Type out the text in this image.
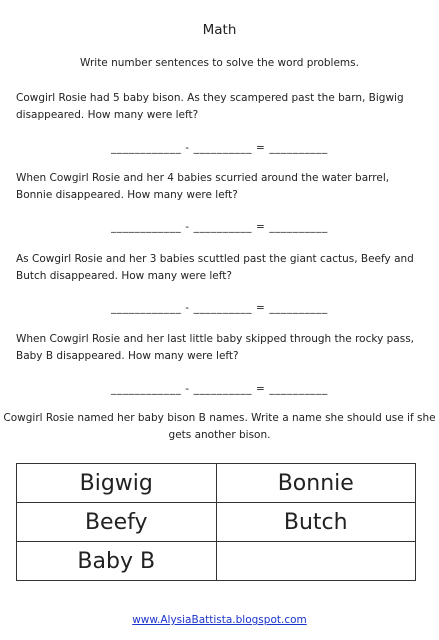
Math
Write number sentences to solve the word problems.
Cowgirl Rosie had 5 baby bison. As they scampered past the barn, Bigwig disappeared. How many were left?
____________ - __________ = __________
When Cowgirl Rosie and her 4 babies scurried around the water barrel, Bonnie disappeared. How many were left?
____________ - __________ = __________
As Cowgirl Rosie and her 3 babies scuttled past the giant cactus, Beefy and Butch disappeared. How many were left?
____________ - __________ = __________
When Cowgirl Rosie and her last little baby skipped through the rocky pass, Baby B disappeared. How many were left?
____________ - __________ = __________
Cowgirl Rosie named her baby bison B names. Write a name she should use if she gets another bison.
Bigwig	Bonnie
Beefy	Butch
Baby B	
www.AlysiaBattista.blogspot.com
